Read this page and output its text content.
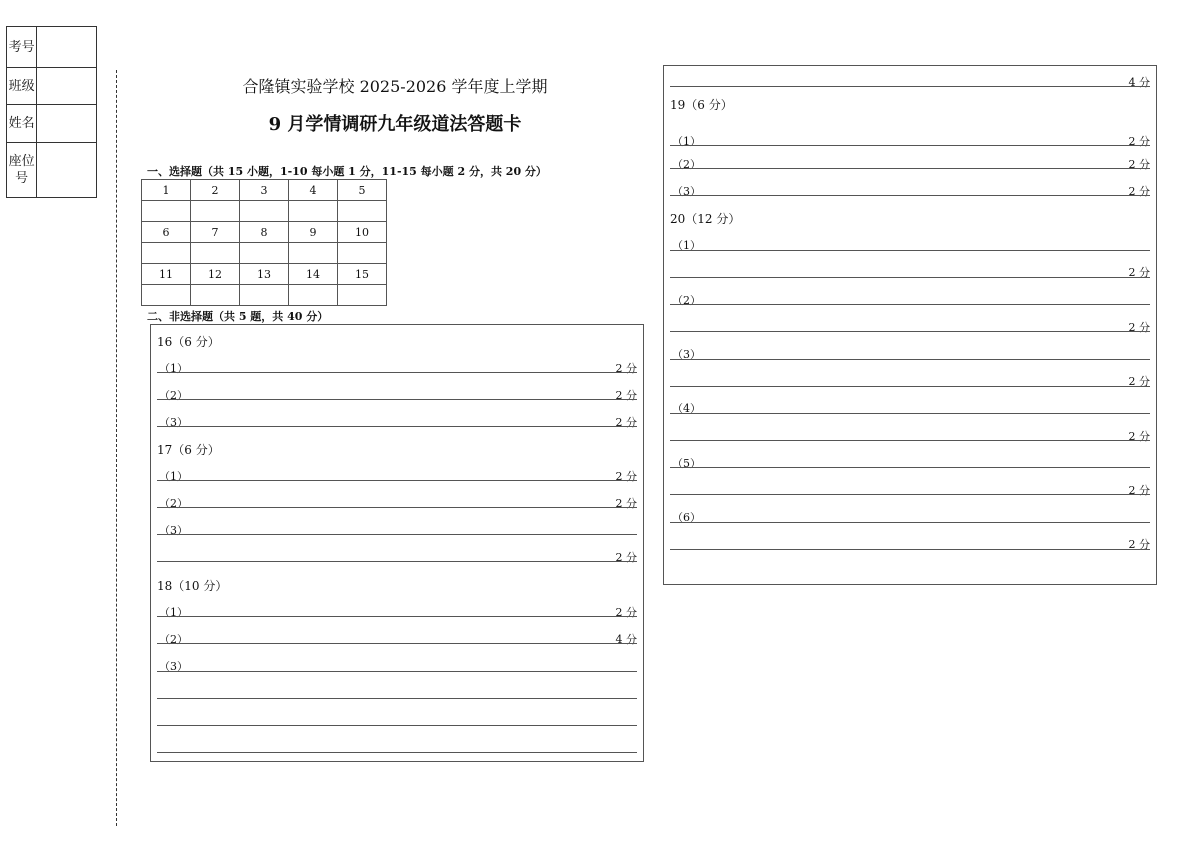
考号	
班级	
姓名	
座位号	
合隆镇实验学校 2025-2026 学年度上学期
9 月学情调研九年级道法答题卡
一、选择题（共 15 小题，1-10 每小题 1 分，11-15 每小题 2 分，共 20 分）
1	2	3	4	5

6	7	8	9	10

11	12	13	14	15

二、非选择题（共 5 题，共 40 分）
16（6 分）
（1）	2 分
（2）	2 分
（3）	2 分
17（6 分）
（1）	2 分
（2）	2 分
（3）
2 分
18（10 分）
（1）	2 分
（2）	4 分
（3）
4 分
19（6 分）
（1）	2 分
（2）	2 分
（3）	2 分
20（12 分）
（1）
2 分
（2）
2 分
（3）
2 分
（4）
2 分
（5）
2 分
（6）
2 分
